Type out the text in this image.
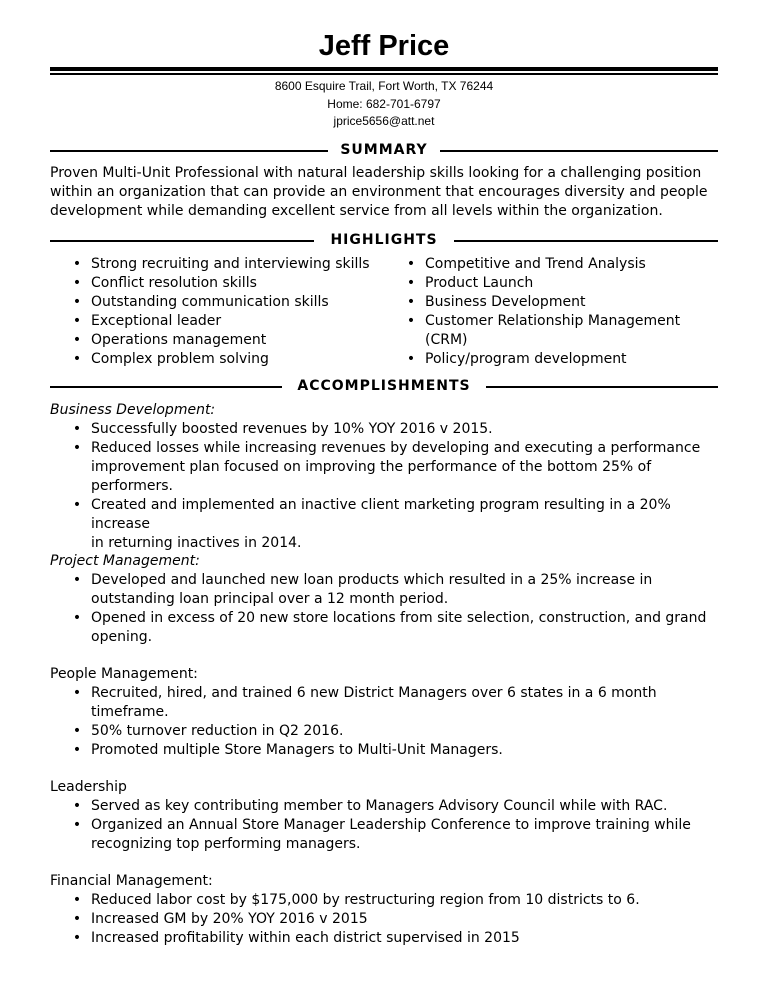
Jeff Price
8600 Esquire Trail, Fort Worth, TX 76244
Home: 682-701-6797
jprice5656@att.net
SUMMARY
Proven Multi-Unit Professional with natural leadership skills looking for a challenging position
within an organization that can provide an environment that encourages diversity and people
development while demanding excellent service from all levels within the organization.
HIGHLIGHTS
• Strong recruiting and interviewing skills
• Conflict resolution skills
• Outstanding communication skills
• Exceptional leader
• Operations management
• Complex problem solving
• Competitive and Trend Analysis
• Product Launch
• Business Development
• Customer Relationship Management
(CRM)
• Policy/program development
ACCOMPLISHMENTS
Business Development:
• Successfully boosted revenues by 10% YOY 2016 v 2015.
• Reduced losses while increasing revenues by developing and executing a performance
improvement plan focused on improving the performance of the bottom 25% of
performers.
• Created and implemented an inactive client marketing program resulting in a 20% increase
in returning inactives in 2014.
Project Management:
• Developed and launched new loan products which resulted in a 25% increase in
outstanding loan principal over a 12 month period.
• Opened in excess of 20 new store locations from site selection, construction, and grand
opening.
People Management:
• Recruited, hired, and trained 6 new District Managers over 6 states in a 6 month
timeframe.
• 50% turnover reduction in Q2 2016.
• Promoted multiple Store Managers to Multi-Unit Managers.
Leadership
• Served as key contributing member to Managers Advisory Council while with RAC.
• Organized an Annual Store Manager Leadership Conference to improve training while
recognizing top performing managers.
Financial Management:
• Reduced labor cost by $175,000 by restructuring region from 10 districts to 6.
• Increased GM by 20% YOY 2016 v 2015
• Increased profitability within each district supervised in 2015
